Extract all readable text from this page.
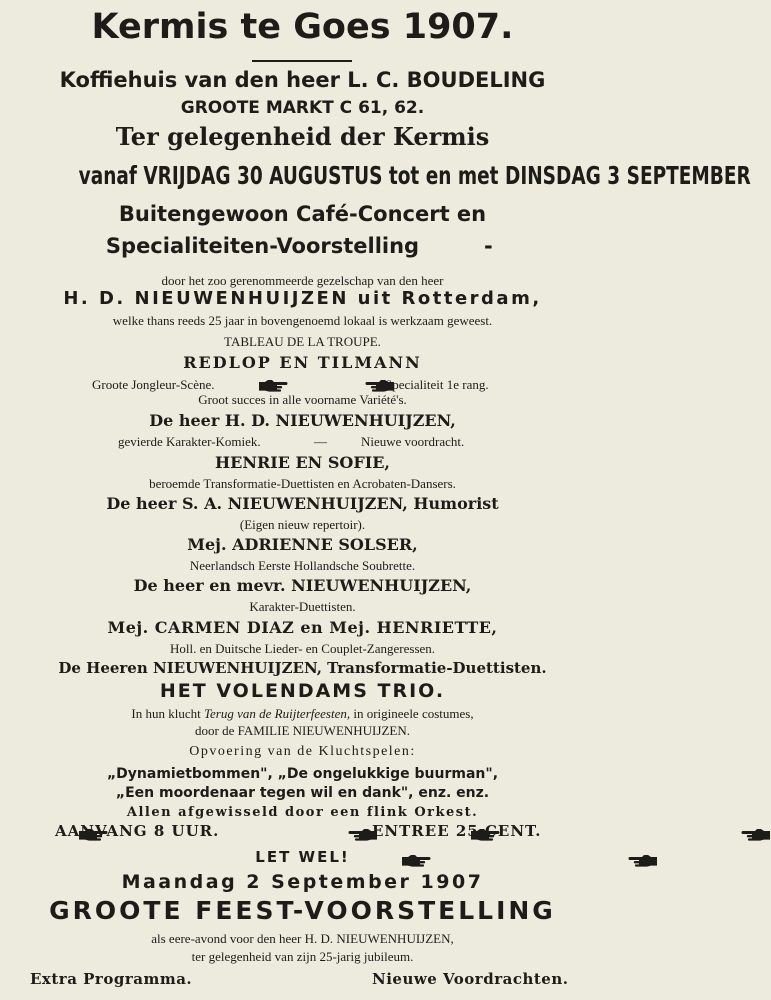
Kermis te Goes 1907.
Koffiehuis van den heer L. C. BOUDELING
GROOTE MARKT C 61, 62.
Ter gelegenheid der Kermis
vanaf VRIJDAG 30 AUGUSTUS tot en met DINSDAG 3 SEPTEMBER
Buitengewoon Café-Concert en
Specialiteiten-Voorstelling	-
door het zoo gerenommeerde gezelschap van den heer
H. D. NIEUWENHUIJZEN uit Rotterdam,
welke thans reeds 25 jaar in bovengenoemd lokaal is werkzaam geweest.
TABLEAU DE LA TROUPE.
REDLOP EN TILMANN
Groote Jongleur-Scène.

	Specialiteit 1e rang.
Groot succes in alle voorname Variété's.
De heer H. D. NIEUWENHUIJZEN,
gevierde Karakter-Komiek.	—	Nieuwe voordracht.
HENRIE EN SOFIE,
beroemde Transformatie-Duettisten en Acrobaten-Dansers.
De heer S. A. NIEUWENHUIJZEN, Humorist
(Eigen nieuw repertoir).
Mej. ADRIENNE SOLSER,
Neerlandsch Eerste Hollandsche Soubrette.
De heer en mevr. NIEUWENHUIJZEN,
Karakter-Duettisten.
Mej. CARMEN DIAZ en Mej. HENRIETTE,
Holl. en Duitsche Lieder- en Couplet-Zangeressen.
De Heeren NIEUWENHUIJZEN, Transformatie-Duettisten.
HET VOLENDAMS TRIO.
In hun klucht Terug van de Ruijterfeesten, in origineele costumes,
door de FAMILIE NIEUWENHUIJZEN.
Opvoering van de Kluchtspelen:
„Dynamietbommen", „De ongelukkige buurman",
„Een moordenaar tegen wil en dank", enz. enz.
Allen afgewisseld door een flink Orkest.

AANVANG 8 UUR.

	ENTREE 25 CENT.

LET WEL!
Maandag 2 September 1907
GROOTE FEEST-VOORSTELLING
als eere-avond voor den heer H. D. NIEUWENHUIJZEN,
ter gelegenheid van zijn 25-jarig jubileum.
Extra Programma.	Nieuwe Voordrachten.
